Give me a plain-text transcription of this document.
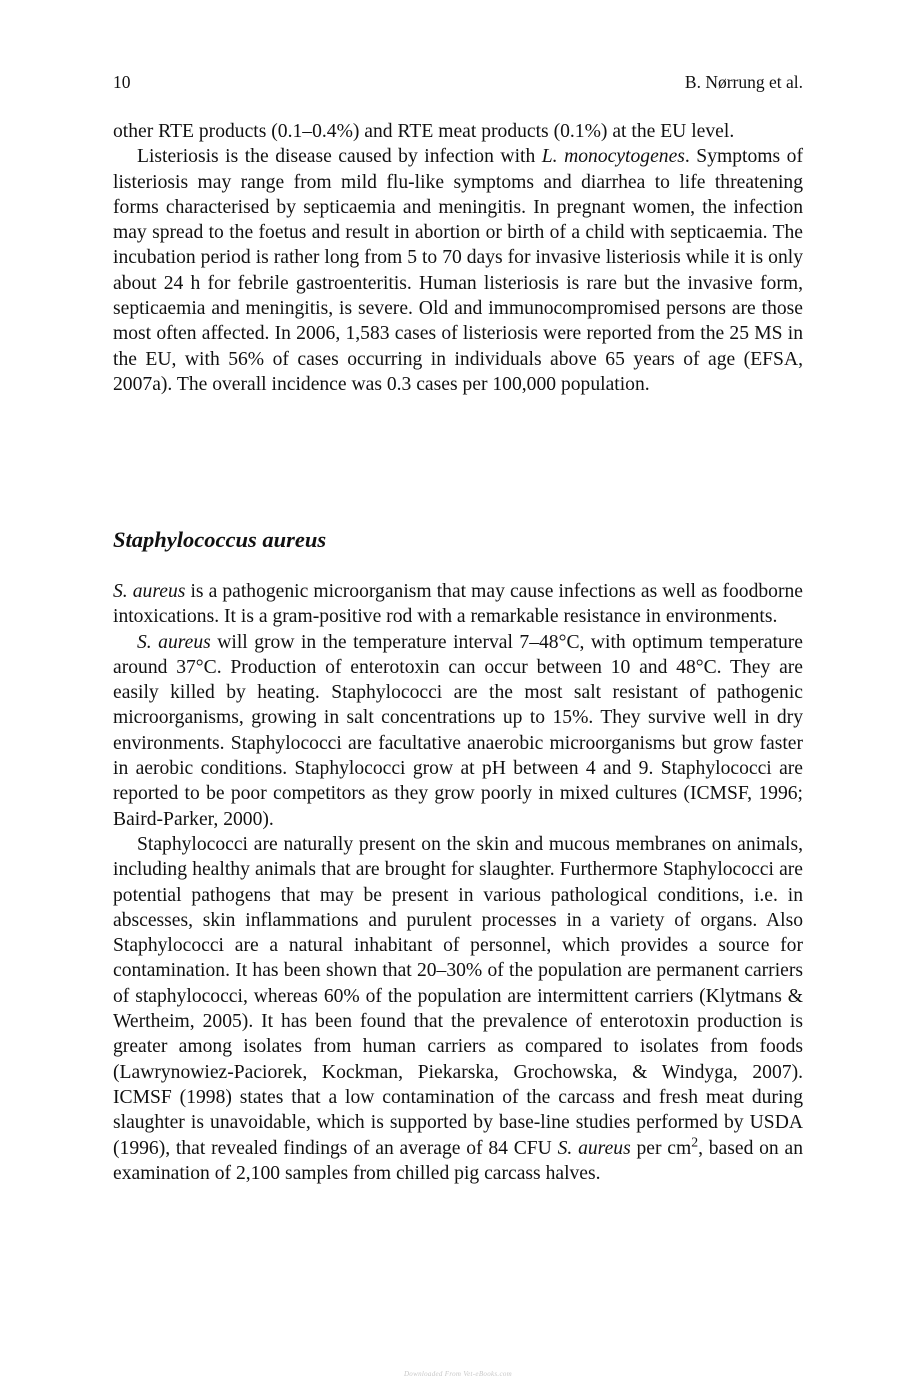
10	B. Nørrung et al.

other RTE products (0.1–0.4%) and RTE meat products (0.1%) at the EU level.

Listeriosis is the disease caused by infection with L. monocytogenes. Symptoms of listeriosis may range from mild flu-like symptoms and diarrhea to life threatening forms characterised by septicaemia and meningitis. In pregnant women, the infection may spread to the foetus and result in abortion or birth of a child with septicaemia. The incubation period is rather long from 5 to 70 days for invasive listeriosis while it is only about 24 h for febrile gastroenteritis. Human listeriosis is rare but the invasive form, septicaemia and meningitis, is severe. Old and immunocompromised persons are those most often affected. In 2006, 1,583 cases of listeriosis were reported from the 25 MS in the EU, with 56% of cases occurring in individuals above 65 years of age (EFSA, 2007a). The overall incidence was 0.3 cases per 100,000 population.

Staphylococcus aureus

S. aureus is a pathogenic microorganism that may cause infections as well as foodborne intoxications. It is a gram-positive rod with a remarkable resistance in environments.

S. aureus will grow in the temperature interval 7–48°C, with optimum temperature around 37°C. Production of enterotoxin can occur between 10 and 48°C. They are easily killed by heating. Staphylococci are the most salt resistant of pathogenic microorganisms, growing in salt concentrations up to 15%. They survive well in dry environments. Staphylococci are facultative anaerobic microorganisms but grow faster in aerobic conditions. Staphylococci grow at pH between 4 and 9. Staphylococci are reported to be poor competitors as they grow poorly in mixed cultures (ICMSF, 1996; Baird-Parker, 2000).

Staphylococci are naturally present on the skin and mucous membranes on animals, including healthy animals that are brought for slaughter. Furthermore Staphylococci are potential pathogens that may be present in various pathological conditions, i.e. in abscesses, skin inflammations and purulent processes in a variety of organs. Also Staphylococci are a natural inhabitant of personnel, which provides a source for contamination. It has been shown that 20–30% of the population are permanent carriers of staphylococci, whereas 60% of the population are intermittent carriers (Klytmans & Wertheim, 2005). It has been found that the prevalence of enterotoxin production is greater among isolates from human carriers as compared to isolates from foods (Lawrynowiez-Paciorek, Kockman, Piekarska, Grochowska, & Windyga, 2007). ICMSF (1998) states that a low contamination of the carcass and fresh meat during slaughter is unavoidable, which is supported by base-line studies performed by USDA (1996), that revealed findings of an average of 84 CFU S. aureus per $cm^2$, based on an examination of 2,100 samples from chilled pig carcass halves.

Downloaded From Vet-eBooks.com
